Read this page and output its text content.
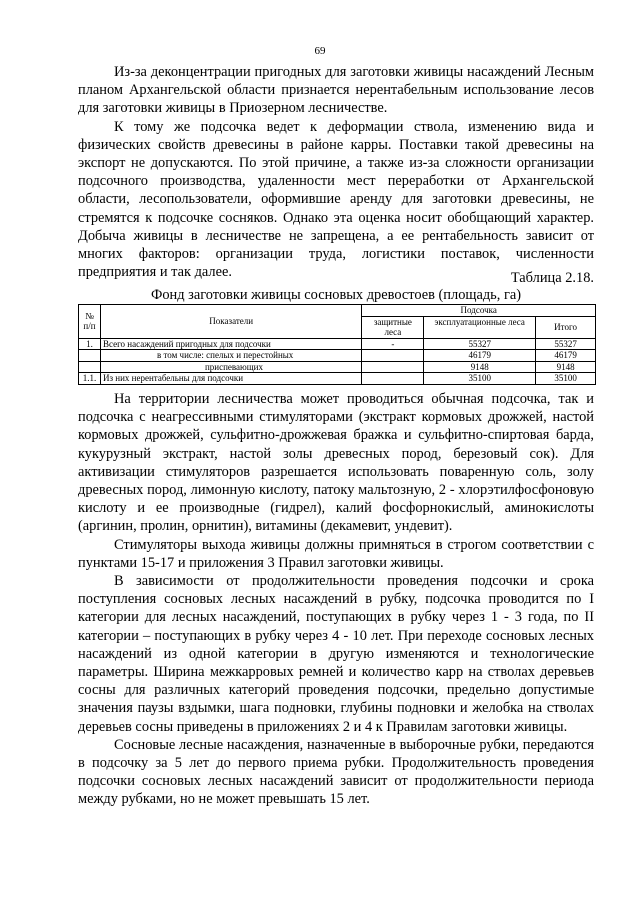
69

Из-за деконцентрации пригодных для заготовки живицы насаждений Лесным планом Архангельской области признается нерентабельным использование лесов для заготовки живицы в Приозерном лесничестве.

К тому же подсочка ведет к деформации ствола, изменению вида и физических свойств древесины в районе карры. Поставки такой древесины на экспорт не допускаются. По этой причине, а также из-за сложности организации подсочного производства, удаленности мест переработки от Архангельской области, лесопользователи, оформившие аренду для заготовки древесины, не стремятся к подсочке сосняков. Однако эта оценка носит обобщающий характер. Добыча живицы в лесничестве не запрещена, а ее рентабельность зависит от многих факторов: организации труда, логистики поставок, численности предприятия и так далее.	Таблица 2.18.
Фонд заготовки живицы сосновых древостоев (площадь, га)
№ п/п	Показатели	Подсочка		
		защитные леса	эксплуатационные леса	Итого
1.	Всего насаждений пригодных для подсочки	-	55327	55327
	в том числе: спелых и перестойных		46179	46179
	приспевающих		9148	9148
1.1.	Из них нерентабельны для подсочки		35100	35100

На территории лесничества может проводиться обычная подсочка, так и подсочка с неагрессивными стимуляторами (экстракт кормовых дрожжей, настой кормовых дрожжей, сульфитно-дрожжевая бражка и сульфитно-спиртовая барда, кукурузный экстракт, настой золы древесных пород, березовый сок). Для активизации стимуляторов разрешается использовать поваренную соль, золу древесных пород, лимонную кислоту, патоку мальтозную, 2 - хлорэтилфосфоновую кислоту и ее производные (гидрел), калий фосфорнокислый, аминокислоты (аргинин, пролин, орнитин), витамины (декамевит, ундевит).

Стимуляторы выхода живицы должны примняться в строгом соответствии с пунктами 15-17 и приложения 3 Правил заготовки живицы.

В зависимости от продолжительности проведения подсочки и срока поступления сосновых лесных насаждений в рубку, подсочка проводится по I категории для лесных насаждений, поступающих в рубку через 1 - 3 года, по II категории – поступающих в рубку через 4 - 10 лет. При переходе сосновых лесных насаждений из одной категории в другую изменяются и технологические параметры. Ширина межкарровых ремней и количество карр на стволах деревьев сосны для различных категорий проведения подсочки, предельно допустимые значения паузы вздымки, шага подновки, глубины подновки и желобка на стволах деревьев сосны приведены в приложениях 2 и 4 к Правилам заготовки живицы.

Сосновые лесные насаждения, назначенные в выборочные рубки, передаются в подсочку за 5 лет до первого приема рубки. Продолжительность проведения подсочки сосновых лесных насаждений зависит от продолжительности периода между рубками, но не может превышать 15 лет.
